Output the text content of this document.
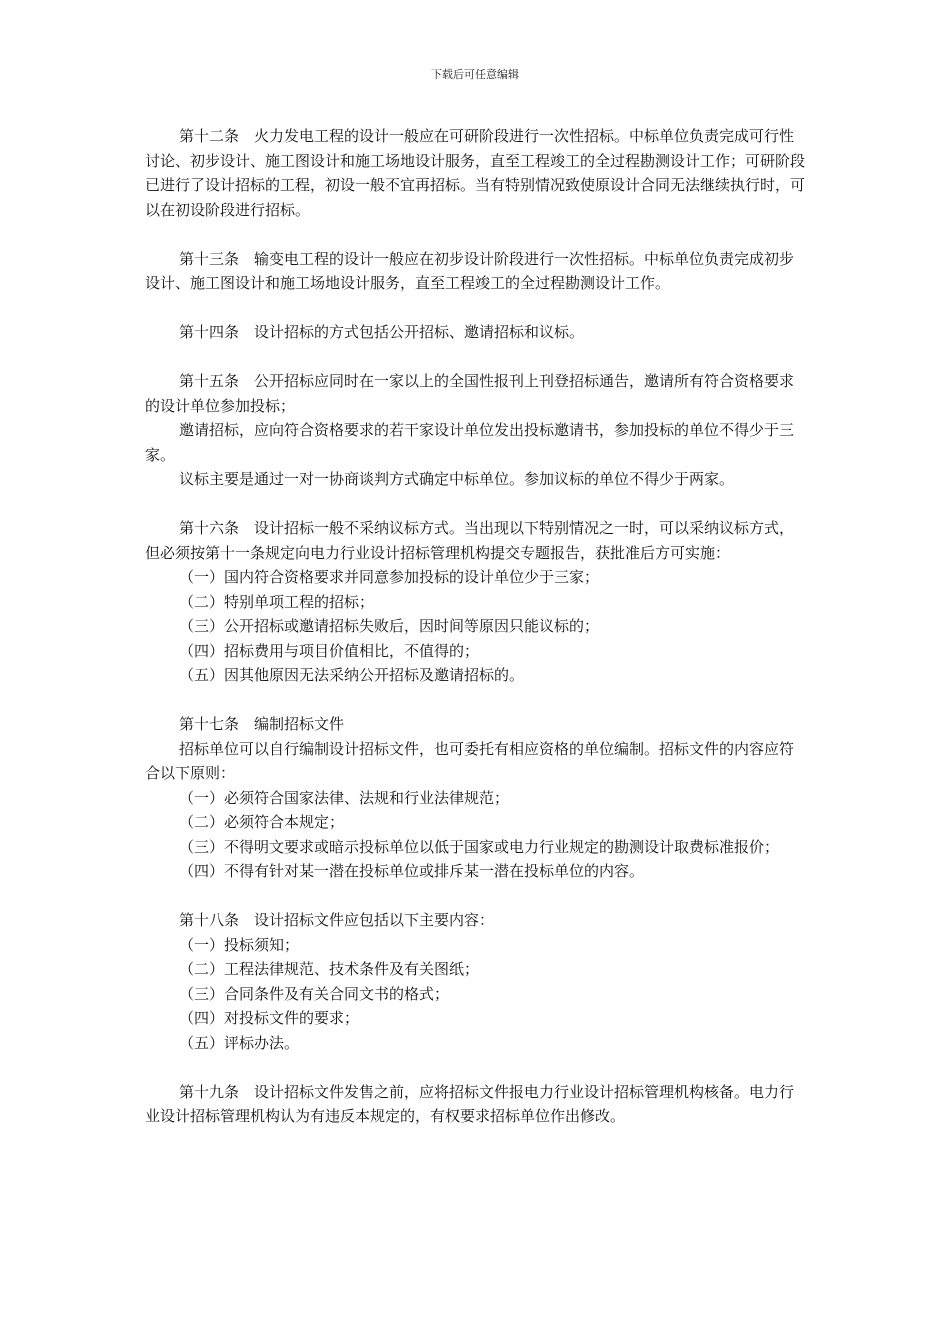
下载后可任意编辑

第十二条　火力发电工程的设计一般应在可研阶段进行一次性招标。中标单位负责完成可行性讨论、初步设计、施工图设计和施工场地设计服务，直至工程竣工的全过程勘测设计工作；可研阶段已进行了设计招标的工程，初设一般不宜再招标。当有特别情况致使原设计合同无法继续执行时，可以在初设阶段进行招标。

第十三条　输变电工程的设计一般应在初步设计阶段进行一次性招标。中标单位负责完成初步设计、施工图设计和施工场地设计服务，直至工程竣工的全过程勘测设计工作。

第十四条　设计招标的方式包括公开招标、邀请招标和议标。

第十五条　公开招标应同时在一家以上的全国性报刊上刊登招标通告，邀请所有符合资格要求的设计单位参加投标；

邀请招标，应向符合资格要求的若干家设计单位发出投标邀请书，参加投标的单位不得少于三家。

议标主要是通过一对一协商谈判方式确定中标单位。参加议标的单位不得少于两家。

第十六条　设计招标一般不采纳议标方式。当出现以下特别情况之一时，可以采纳议标方式，但必须按第十一条规定向电力行业设计招标管理机构提交专题报告，获批准后方可实施：

（一）国内符合资格要求并同意参加投标的设计单位少于三家；

（二）特别单项工程的招标；

（三）公开招标或邀请招标失败后，因时间等原因只能议标的；

（四）招标费用与项目价值相比，不值得的；

（五）因其他原因无法采纳公开招标及邀请招标的。

第十七条　编制招标文件

招标单位可以自行编制设计招标文件，也可委托有相应资格的单位编制。招标文件的内容应符合以下原则：

（一）必须符合国家法律、法规和行业法律规范；

（二）必须符合本规定；

（三）不得明文要求或暗示投标单位以低于国家或电力行业规定的勘测设计取费标准报价；

（四）不得有针对某一潜在投标单位或排斥某一潜在投标单位的内容。

第十八条　设计招标文件应包括以下主要内容：

（一）投标须知；

（二）工程法律规范、技术条件及有关图纸；

（三）合同条件及有关合同文书的格式；

（四）对投标文件的要求；

（五）评标办法。

第十九条　设计招标文件发售之前，应将招标文件报电力行业设计招标管理机构核备。电力行业设计招标管理机构认为有违反本规定的，有权要求招标单位作出修改。
